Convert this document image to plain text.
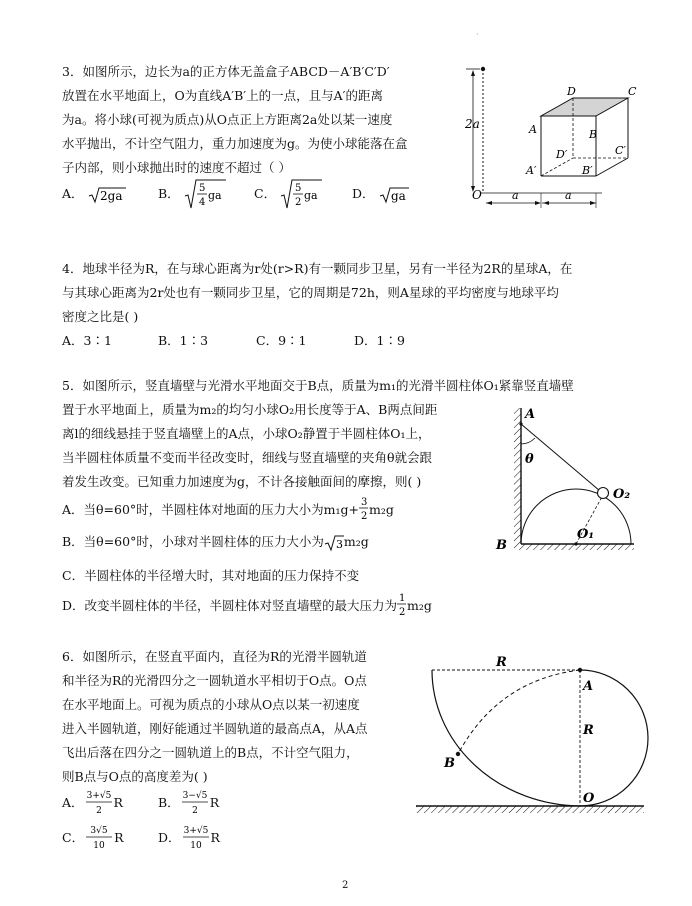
·

3．如图所示，边长为a的正方体无盖盒子ABCD－A′B′C′D′

放置在水平地面上，O为直线A′B′上的一点，且与A′的距离

为a。将小球(可视为质点)从O点正上方距离2a处以某一速度

水平抛出，不计空气阻力，重力加速度为g。为使小球能落在盒

子内部，则小球抛出时的速度不超过（ ）

A． 2ga	B． 5
4
ga	C． 5
2
ga	D． ga
2a
O	a	a
A	B
C
D
D′	C′
A′	B′

4．地球半径为R，在与球心距离为r处(r>R)有一颗同步卫星，另有一半径为2R的星球A，在

与其球心距离为2r处也有一颗同步卫星，它的周期是72h，则A星球的平均密度与地球平均

密度之比是( )

A．3∶1	B．1∶3	C．9∶1	D．1∶9

5．如图所示，竖直墙壁与光滑水平地面交于B点，质量为m₁的光滑半圆柱体O₁紧靠竖直墙壁

置于水平地面上，质量为m₂的均匀小球O₂用长度等于A、B两点间距

离l的细线悬挂于竖直墙壁上的A点，小球O₂静置于半圆柱体O₁上，

当半圆柱体质量不变而半径改变时，细线与竖直墙壁的夹角θ就会跟

着发生改变。已知重力加速度为g，不计各接触面间的摩擦，则( )

A．当θ=60°时，半圆柱体对地面的压力大小为m₁g+ 3
2 m₂g
B．当θ=60°时，小球对半圆柱体的压力大小为 3 m₂g
C．半圆柱体的半径增大时，其对地面的压力保持不变
D．改变半圆柱体的半径，半圆柱体对竖直墙壁的最大压力为 1
2 m₂g
A
θ
O₂
O₁
B

6．如图所示，在竖直平面内，直径为R的光滑半圆轨道

和半径为R的光滑四分之一圆轨道水平相切于O点。O点

在水平地面上。可视为质点的小球从O点以某一初速度

进入半圆轨道，刚好能通过半圆轨道的最高点A，从A点

飞出后落在四分之一圆轨道上的B点，不计空气阻力，

则B点与O点的高度差为( )

A． 3+√5
2
R	B． 3−√5
2
R
C． 3√5
10
R	D． 3+√5
10
R
R
A
R
B
O
2
